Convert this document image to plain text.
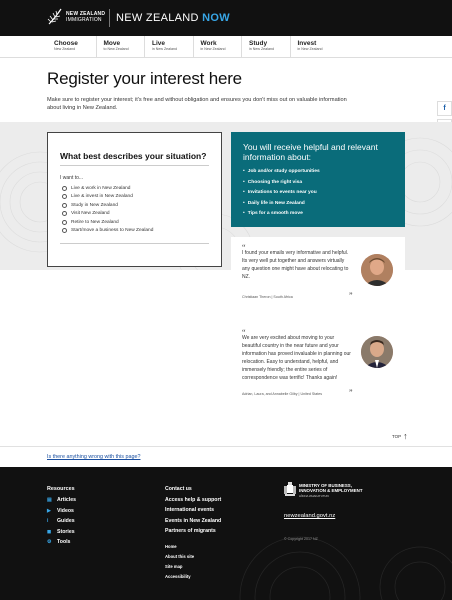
NEW ZEALAND
IMMIGRATION	NEW ZEALAND NOW
Choose
New Zealand
Move
to New Zealand
Live
in New Zealand
Work
in New Zealand
Study
in New Zealand
Invest
in New Zealand
Register your interest here

Make sure to register your interest; it's free and without obligation and ensures you don't miss out on valuable information about living in New Zealand.	f
What best describes your situation?
I want to...
Live & work in New Zealand
Live & invest in New Zealand
Study in New Zealand
Visit New Zealand
Retire to New Zealand
Start/move a business to New Zealand
You will receive helpful and relevant information about:
• Job and/or study opportunities
• Choosing the right visa
• Invitations to events near you
• Daily life in New Zealand
• Tips for a smooth move
“
I found your emails very informative and helpful. Its very well put together and answers virtually any question one might have about relocating to NZ.
Christiaan Theron | South Africa	”
“
We are very excited about moving to your beautiful country in the near future and your information has proved invaluable in planning our relocation. Easy to understand, helpful, and immensely friendly; the entire series of correspondence was terrific! Thanks again!
Adrian, Laura, and Annabelle Gilby | United States	”
TOP ↑
Is there anything wrong with this page?
Resources
▤	Articles
▶	Videos
i	Guides
◼	Stories
⚙	Tools
Contact us
Access help & support
International events
Events in New Zealand
Partners of migrants
Home
About this site
Site map
Accessibility
MINISTRY OF BUSINESS,
INNOVATION & EMPLOYMENT
HĪKINA WHAKATUTUKI
newzealand.govt.nz
© Copyright 2017 NZ
